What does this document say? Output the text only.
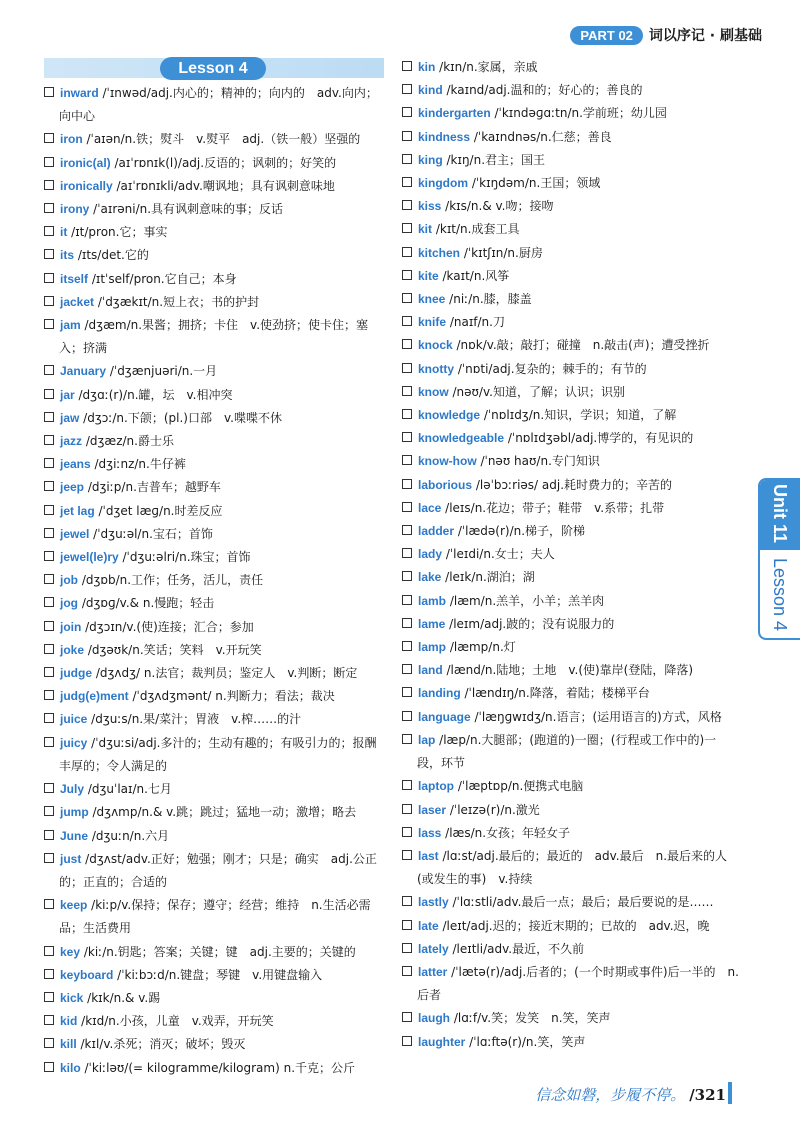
PART 02	词以序记 · 刷基础
Lesson 4
inward /ˈɪnwəd/adj.内心的；精神的；向内的　adv.向内；向中心
iron /ˈaɪən/n.铁；熨斗　v.熨平　adj.（铁一般）坚强的
ironic(al) /aɪˈrɒnɪk(l)/adj.反语的；讽刺的；好笑的
ironically /aɪˈrɒnɪkli/adv.嘲讽地；具有讽刺意味地
irony /ˈaɪrəni/n.具有讽刺意味的事；反话
it /ɪt/pron.它；事实
its /ɪts/det.它的
itself /ɪtˈself/pron.它自己；本身
jacket /ˈdʒækɪt/n.短上衣；书的护封
jam /dʒæm/n.果酱；拥挤；卡住　v.使劲挤；使卡住；塞入；挤满
January /ˈdʒænjuəri/n.一月
jar /dʒɑː(r)/n.罐，坛　v.相冲突
jaw /dʒɔː/n.下颌；(pl.)口部　v.喋喋不休
jazz /dʒæz/n.爵士乐
jeans /dʒiːnz/n.牛仔裤
jeep /dʒiːp/n.吉普车；越野车
jet lag /ˈdʒet læɡ/n.时差反应
jewel /ˈdʒuːəl/n.宝石；首饰
jewel(le)ry /ˈdʒuːəlri/n.珠宝；首饰
job /dʒɒb/n.工作；任务，活儿，责任
jog /dʒɒɡ/v.& n.慢跑；轻击
join /dʒɔɪn/v.(使)连接；汇合；参加
joke /dʒəʊk/n.笑话；笑料　v.开玩笑
judge /dʒʌdʒ/ n.法官；裁判员；鉴定人　v.判断；断定
judg(e)ment /ˈdʒʌdʒmənt/ n.判断力；看法；裁决
juice /dʒuːs/n.果/菜汁；胃液　v.榨……的汁
juicy /ˈdʒuːsi/adj.多汁的；生动有趣的；有吸引力的；报酬丰厚的；令人满足的
July /dʒuˈlaɪ/n.七月
jump /dʒʌmp/n.& v.跳；跳过；猛地一动；激增；略去
June /dʒuːn/n.六月
just /dʒʌst/adv.正好；勉强；刚才；只是；确实　adj.公正的；正直的；合适的
keep /kiːp/v.保持；保存；遵守；经营；维持　n.生活必需品；生活费用
key /kiː/n.钥匙；答案；关键；键　adj.主要的；关键的
keyboard /ˈkiːbɔːd/n.键盘；琴键　v.用键盘输入
kick /kɪk/n.& v.踢
kid /kɪd/n.小孩，儿童　v.戏弄，开玩笑
kill /kɪl/v.杀死；消灭；破坏；毁灭
kilo /ˈkiːləʊ/(= kilogramme/kilogram) n.千克；公斤
kin /kɪn/n.家属，亲戚
kind /kaɪnd/adj.温和的；好心的；善良的
kindergarten /ˈkɪndəɡɑːtn/n.学前班；幼儿园
kindness /ˈkaɪndnəs/n.仁慈；善良
king /kɪŋ/n.君主；国王
kingdom /ˈkɪŋdəm/n.王国；领域
kiss /kɪs/n.& v.吻；接吻
kit /kɪt/n.成套工具
kitchen /ˈkɪtʃɪn/n.厨房
kite /kaɪt/n.风筝
knee /niː/n.膝，膝盖
knife /naɪf/n.刀
knock /nɒk/v.敲；敲打；碰撞　n.敲击(声)；遭受挫折
knotty /ˈnɒti/adj.复杂的；棘手的；有节的
know /nəʊ/v.知道，了解；认识；识别
knowledge /ˈnɒlɪdʒ/n.知识，学识；知道，了解
knowledgeable /ˈnɒlɪdʒəbl/adj.博学的，有见识的
know-how /ˈnəʊ haʊ/n.专门知识
laborious /ləˈbɔːriəs/ adj.耗时费力的；辛苦的
lace /leɪs/n.花边；带子；鞋带　v.系带；扎带
ladder /ˈlædə(r)/n.梯子，阶梯
lady /ˈleɪdi/n.女士；夫人
lake /leɪk/n.湖泊；湖
lamb /læm/n.羔羊，小羊；羔羊肉
lame /leɪm/adj.跛的；没有说服力的
lamp /læmp/n.灯
land /lænd/n.陆地；土地　v.(使)靠岸(登陆，降落)
landing /ˈlændɪŋ/n.降落，着陆；楼梯平台
language /ˈlæŋɡwɪdʒ/n.语言；(运用语言的)方式，风格
lap /læp/n.大腿部；(跑道的)一圈；(行程或工作中的)一段，环节
laptop /ˈlæptɒp/n.便携式电脑
laser /ˈleɪzə(r)/n.激光
lass /læs/n.女孩；年轻女子
last /lɑːst/adj.最后的；最近的　adv.最后　n.最后来的人(或发生的事)　v.持续
lastly /ˈlɑːstli/adv.最后一点；最后；最后要说的是……
late /leɪt/adj.迟的；接近末期的；已故的　adv.迟，晚
lately /leɪtli/adv.最近，不久前
latter /ˈlætə(r)/adj.后者的；(一个时期或事件)后一半的　n.后者
laugh /lɑːf/v.笑；发笑　n.笑，笑声
laughter /ˈlɑːftə(r)/n.笑，笑声
Unit 11
Lesson 4
信念如磐，步履不停。 /321
